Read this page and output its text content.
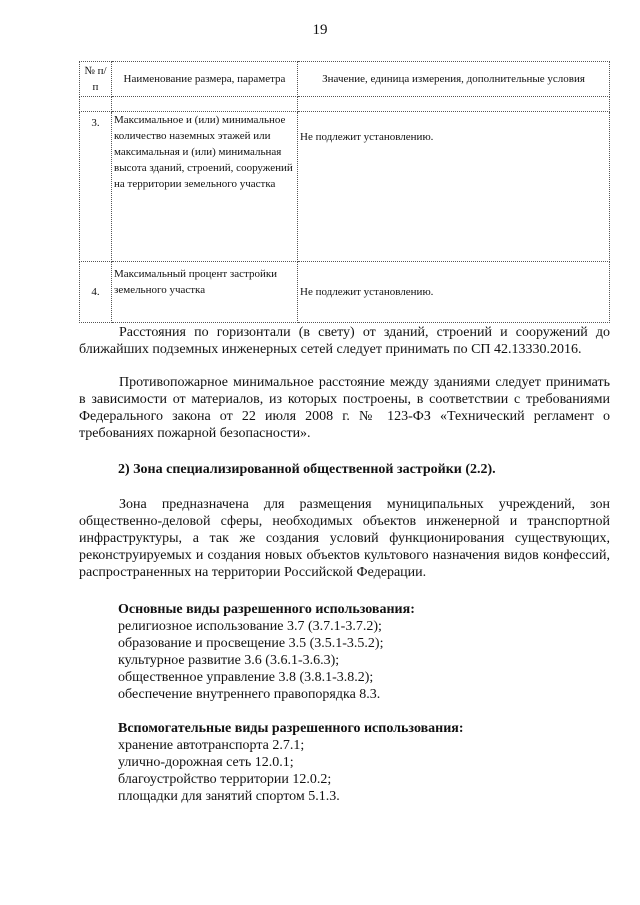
19
№ п/п	Наименование размера, параметра	Значение, единица измерения, дополнительные условия

3.	Максимальное и (или) минимальное количество наземных этажей или максимальная и (или) минимальная высота зданий, строений, сооружений на территории земельного участка	Не подлежит установлению.
4.	Максимальный процент застройки земельного участка	Не подлежит установлению.
Расстояния по горизонтали (в свету) от зданий, строений и сооружений до ближайших подземных инженерных сетей следует принимать по СП 42.13330.2016.
Противопожарное минимальное расстояние между зданиями следует принимать в зависимости от материалов, из которых построены, в соответствии с требованиями Федерального закона от 22 июля 2008 г. № 123-ФЗ «Технический регламент о требованиях пожарной безопасности».
2) Зона специализированной общественной застройки (2.2).
Зона предназначена для размещения муниципальных учреждений, зон общественно-деловой сферы, необходимых объектов инженерной и транспортной инфраструктуры, а так же создания условий функционирования существующих, реконструируемых и создания новых объектов культового назначения видов конфессий, распространенных на территории Российской Федерации.
Основные виды разрешенного использования:
религиозное использование 3.7 (3.7.1-3.7.2);
образование и просвещение 3.5 (3.5.1-3.5.2);
культурное развитие 3.6 (3.6.1-3.6.3);
общественное управление 3.8 (3.8.1-3.8.2);
обеспечение внутреннего правопорядка 8.3.
Вспомогательные виды разрешенного использования:
хранение автотранспорта 2.7.1;
улично-дорожная сеть 12.0.1;
благоустройство территории 12.0.2;
площадки для занятий спортом 5.1.3.
